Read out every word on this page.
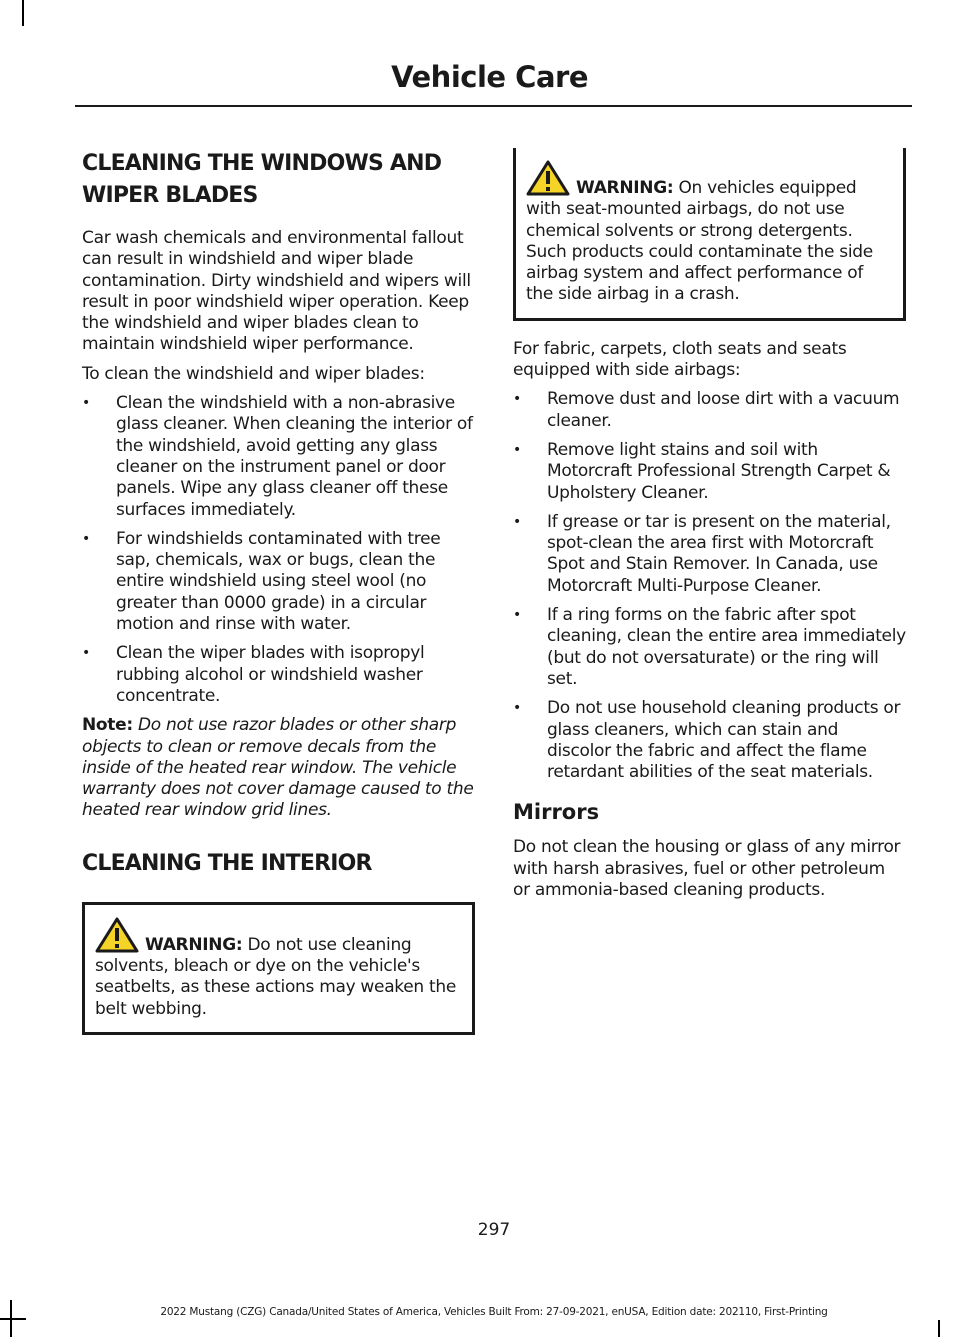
Vehicle Care
CLEANING THE WINDOWS AND WIPER BLADES

Car wash chemicals and environmental fallout can result in windshield and wiper blade contamination. Dirty windshield and wipers will result in poor windshield wiper operation. Keep the windshield and wiper blades clean to maintain windshield wiper performance.

To clean the windshield and wiper blades:

• Clean the windshield with a non-abrasive glass cleaner. When cleaning the interior of the windshield, avoid getting any glass cleaner on the instrument panel or door panels. Wipe any glass cleaner off these surfaces immediately.
• For windshields contaminated with tree sap, chemicals, wax or bugs, clean the entire windshield using steel wool (no greater than 0000 grade) in a circular motion and rinse with water.
• Clean the wiper blades with isopropyl rubbing alcohol or windshield washer concentrate.

Note: Do not use razor blades or other sharp objects to clean or remove decals from the inside of the heated rear window. The vehicle warranty does not cover damage caused to the heated rear window grid lines.

CLEANING THE INTERIOR

WARNING: Do not use cleaning solvents, bleach or dye on the vehicle's seatbelts, as these actions may weaken the belt webbing.

WARNING: On vehicles equipped with seat-mounted airbags, do not use chemical solvents or strong detergents. Such products could contaminate the side airbag system and affect performance of the side airbag in a crash.

For fabric, carpets, cloth seats and seats equipped with side airbags:

• Remove dust and loose dirt with a vacuum cleaner.
• Remove light stains and soil with Motorcraft Professional Strength Carpet & Upholstery Cleaner.
• If grease or tar is present on the material, spot-clean the area first with Motorcraft Spot and Stain Remover. In Canada, use Motorcraft Multi-Purpose Cleaner.
• If a ring forms on the fabric after spot cleaning, clean the entire area immediately (but do not oversaturate) or the ring will set.
• Do not use household cleaning products or glass cleaners, which can stain and discolor the fabric and affect the flame retardant abilities of the seat materials.
Mirrors

Do not clean the housing or glass of any mirror with harsh abrasives, fuel or other petroleum or ammonia-based cleaning products.

297
2022 Mustang (CZG) Canada/United States of America, Vehicles Built From: 27-09-2021, enUSA, Edition date: 202110, First-Printing
